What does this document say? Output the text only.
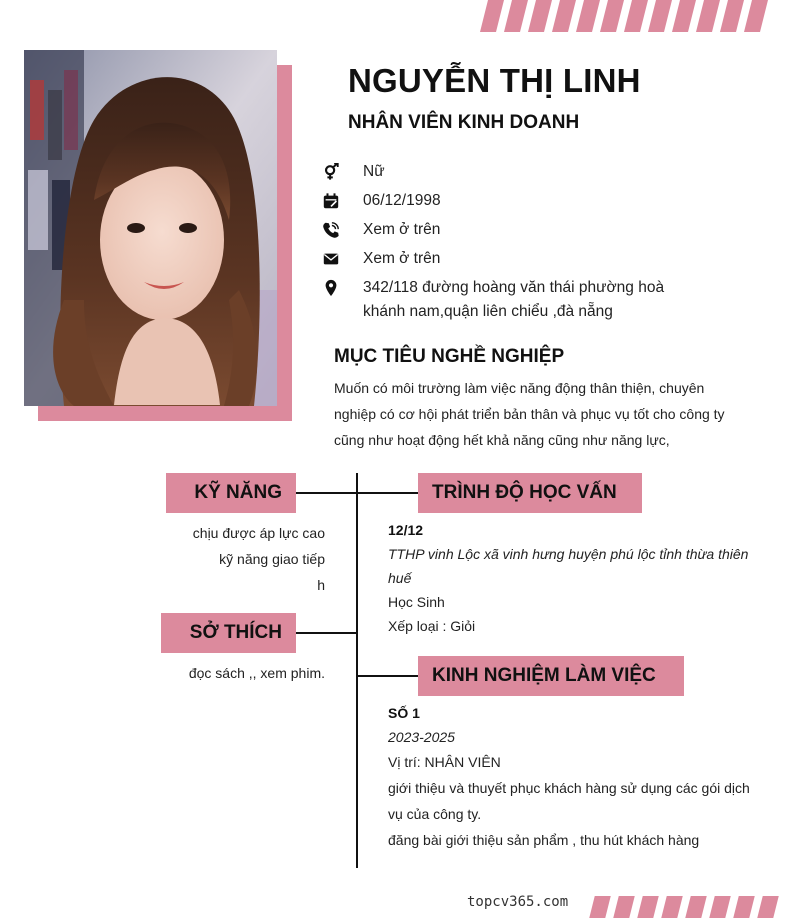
NGUYỄN THỊ LINH
NHÂN VIÊN KINH DOANH
Nữ
06/12/1998
Xem ở trên
Xem ở trên
342/118 đường hoàng văn thái phường hoà khánh nam,quận liên chiểu ,đà nẵng
MỤC TIÊU NGHỀ NGHIỆP
Muốn có môi trường làm việc năng động thân thiện, chuyên
nghiệp có cơ hội phát triển bản thân và phục vụ tốt cho công ty
cũng như hoạt động hết khả năng cũng như năng lực,
KỸ NĂNG
chịu được áp lực cao
kỹ năng giao tiếp
h
SỞ THÍCH
đọc sách ,, xem phim.
TRÌNH ĐỘ HỌC VẤN
12/12
TTHP vinh Lộc xã vinh hưng huyện phú lộc tỉnh thừa thiên huế
Học Sinh
Xếp loại : Giỏi
KINH NGHIỆM LÀM VIỆC
SỐ 1
2023-2025
Vị trí: NHÂN VIÊN
giới thiệu và thuyết phục khách hàng sử dụng các gói dịch vụ của công ty.
đăng bài giới thiệu sản phẩm , thu hút khách hàng
topcv365.com
